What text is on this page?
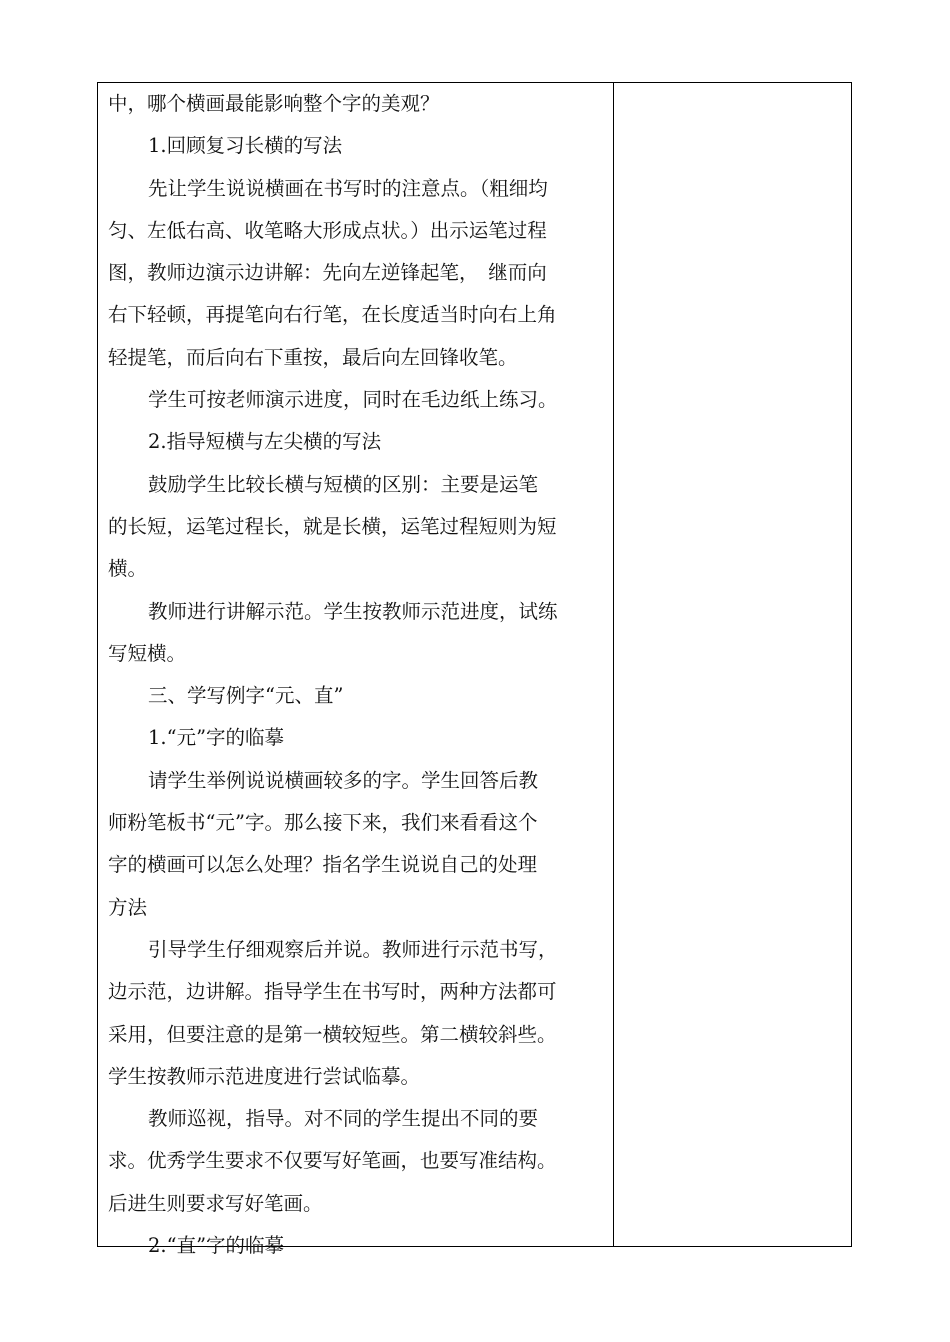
中，哪个横画最能影响整个字的美观？

1.回顾复习长横的写法

先让学生说说横画在书写时的注意点。（粗细均

匀、左低右高、收笔略大形成点状。）出示运笔过程

图，教师边演示边讲解：先向左逆锋起笔，　继而向

右下轻顿，再提笔向右行笔，在长度适当时向右上角

轻提笔，而后向右下重按，最后向左回锋收笔。

学生可按老师演示进度，同时在毛边纸上练习。

2.指导短横与左尖横的写法

鼓励学生比较长横与短横的区别：主要是运笔

的长短，运笔过程长，就是长横，运笔过程短则为短

横。

教师进行讲解示范。学生按教师示范进度，试练

写短横。

三、学写例字“元、直”

1.“元”字的临摹

请学生举例说说横画较多的字。学生回答后教

师粉笔板书“元”字。那么接下来，我们来看看这个

字的横画可以怎么处理？指名学生说说自己的处理

方法

引导学生仔细观察后并说。教师进行示范书写，

边示范，边讲解。指导学生在书写时，两种方法都可

采用，但要注意的是第一横较短些。第二横较斜些。

学生按教师示范进度进行尝试临摹。

教师巡视，指导。对不同的学生提出不同的要

求。优秀学生要求不仅要写好笔画，也要写准结构。

后进生则要求写好笔画。

2.“直”字的临摹
